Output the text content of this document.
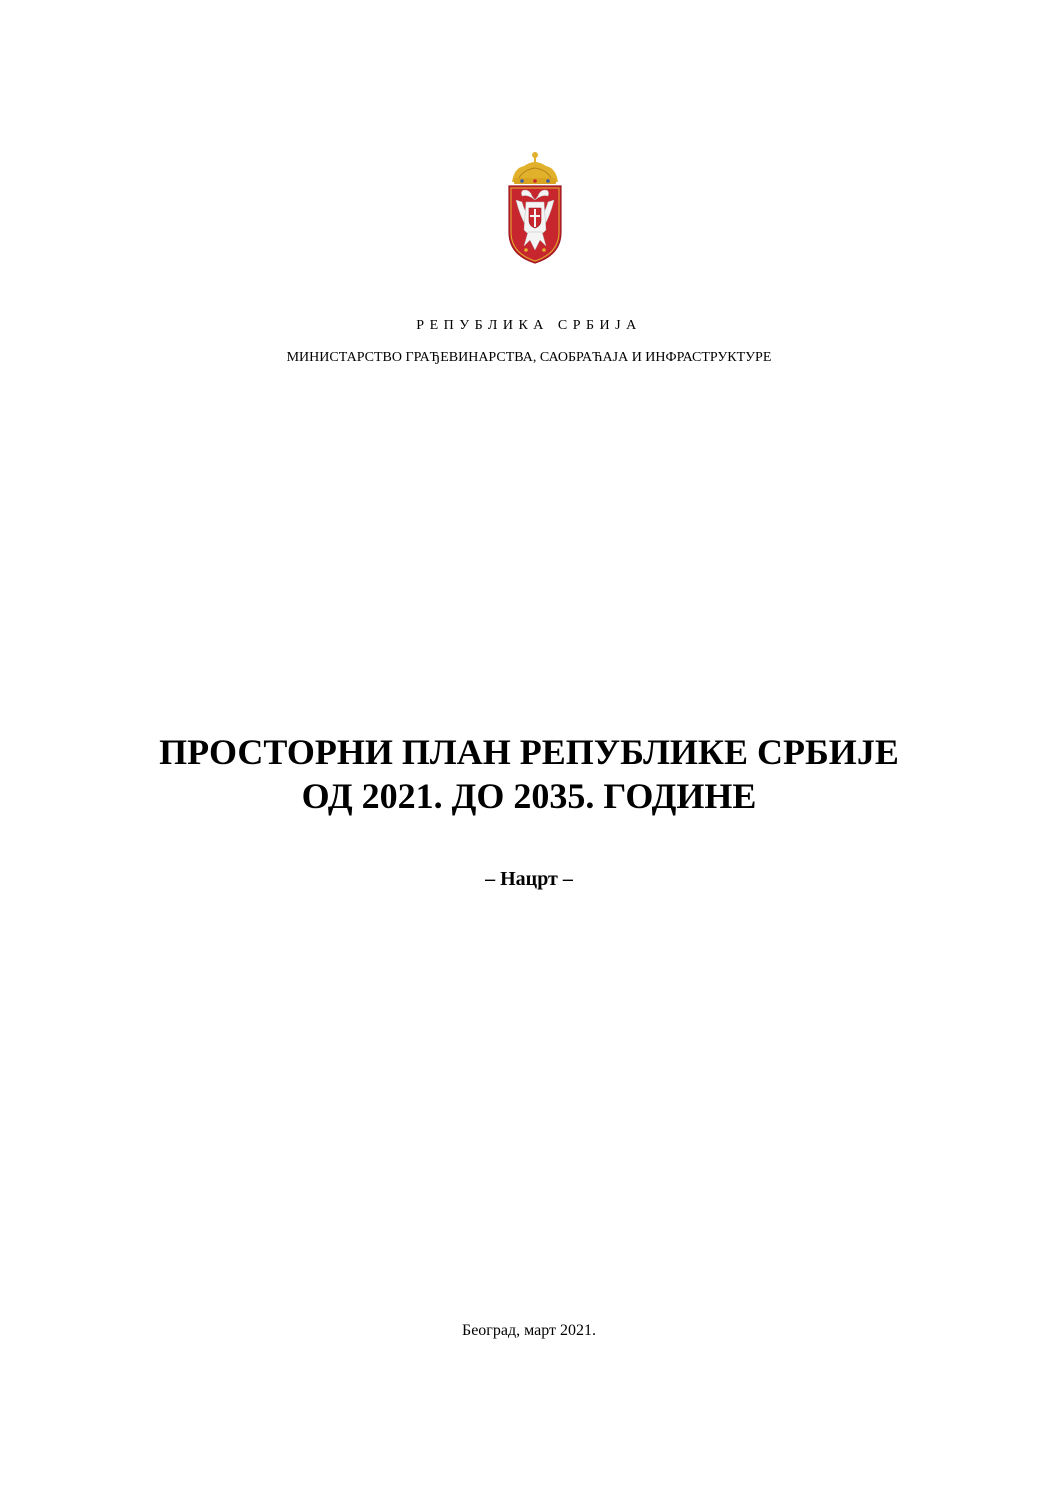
РЕПУБЛИКА СРБИЈА
МИНИСТАРСТВО ГРАЂЕВИНАРСТВА, САОБРАЋАЈА И ИНФРАСТРУКТУРЕ
ПРОСТОРНИ ПЛАН РЕПУБЛИКЕ СРБИЈЕ
ОД 2021. ДО 2035. ГОДИНЕ
– Нацрт –
Београд, март 2021.
